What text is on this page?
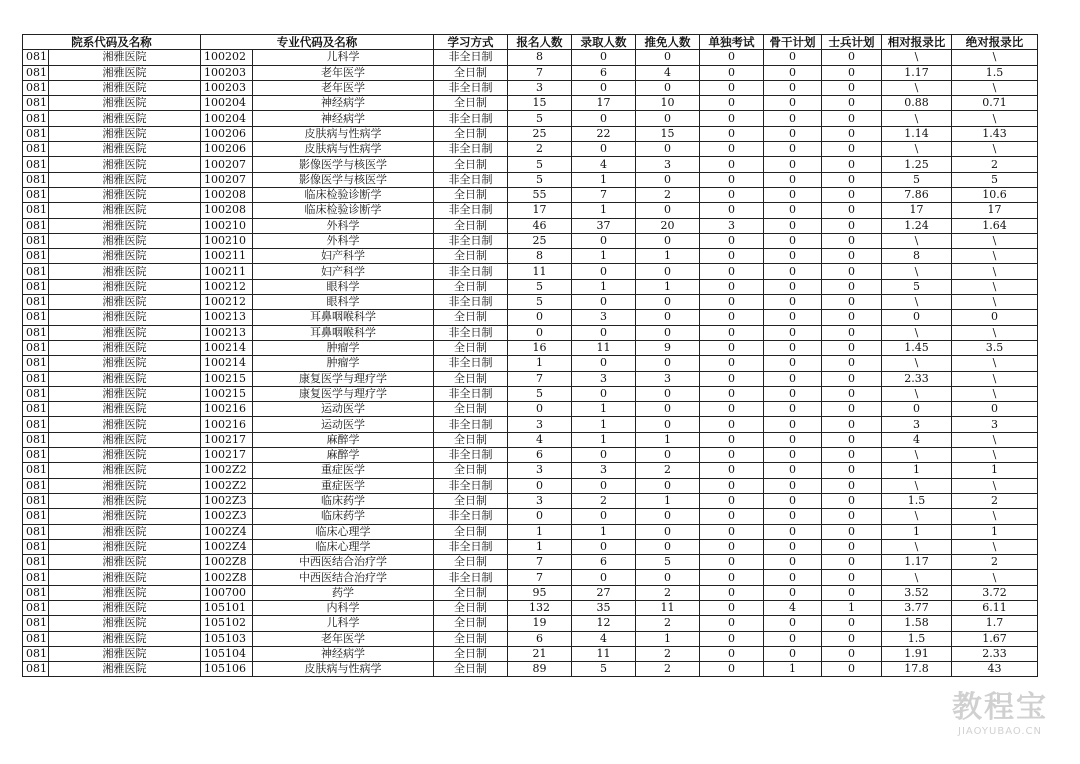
院系代码及名称		专业代码及名称		学习方式	报名人数	录取人数	推免人数	单独考试	骨干计划	士兵计划	相对报录比	绝对报录比
081	湘雅医院	100202	儿科学	非全日制	8	0	0	0	0	0	\	\
081	湘雅医院	100203	老年医学	全日制	7	6	4	0	0	0	1.17	1.5
081	湘雅医院	100203	老年医学	非全日制	3	0	0	0	0	0	\	\
081	湘雅医院	100204	神经病学	全日制	15	17	10	0	0	0	0.88	0.71
081	湘雅医院	100204	神经病学	非全日制	5	0	0	0	0	0	\	\
081	湘雅医院	100206	皮肤病与性病学	全日制	25	22	15	0	0	0	1.14	1.43
081	湘雅医院	100206	皮肤病与性病学	非全日制	2	0	0	0	0	0	\	\
081	湘雅医院	100207	影像医学与核医学	全日制	5	4	3	0	0	0	1.25	2
081	湘雅医院	100207	影像医学与核医学	非全日制	5	1	0	0	0	0	5	5
081	湘雅医院	100208	临床检验诊断学	全日制	55	7	2	0	0	0	7.86	10.6
081	湘雅医院	100208	临床检验诊断学	非全日制	17	1	0	0	0	0	17	17
081	湘雅医院	100210	外科学	全日制	46	37	20	3	0	0	1.24	1.64
081	湘雅医院	100210	外科学	非全日制	25	0	0	0	0	0	\	\
081	湘雅医院	100211	妇产科学	全日制	8	1	1	0	0	0	8	\
081	湘雅医院	100211	妇产科学	非全日制	11	0	0	0	0	0	\	\
081	湘雅医院	100212	眼科学	全日制	5	1	1	0	0	0	5	\
081	湘雅医院	100212	眼科学	非全日制	5	0	0	0	0	0	\	\
081	湘雅医院	100213	耳鼻咽喉科学	全日制	0	3	0	0	0	0	0	0
081	湘雅医院	100213	耳鼻咽喉科学	非全日制	0	0	0	0	0	0	\	\
081	湘雅医院	100214	肿瘤学	全日制	16	11	9	0	0	0	1.45	3.5
081	湘雅医院	100214	肿瘤学	非全日制	1	0	0	0	0	0	\	\
081	湘雅医院	100215	康复医学与理疗学	全日制	7	3	3	0	0	0	2.33	\
081	湘雅医院	100215	康复医学与理疗学	非全日制	5	0	0	0	0	0	\	\
081	湘雅医院	100216	运动医学	全日制	0	1	0	0	0	0	0	0
081	湘雅医院	100216	运动医学	非全日制	3	1	0	0	0	0	3	3
081	湘雅医院	100217	麻醉学	全日制	4	1	1	0	0	0	4	\
081	湘雅医院	100217	麻醉学	非全日制	6	0	0	0	0	0	\	\
081	湘雅医院	1002Z2	重症医学	全日制	3	3	2	0	0	0	1	1
081	湘雅医院	1002Z2	重症医学	非全日制	0	0	0	0	0	0	\	\
081	湘雅医院	1002Z3	临床药学	全日制	3	2	1	0	0	0	1.5	2
081	湘雅医院	1002Z3	临床药学	非全日制	0	0	0	0	0	0	\	\
081	湘雅医院	1002Z4	临床心理学	全日制	1	1	0	0	0	0	1	1
081	湘雅医院	1002Z4	临床心理学	非全日制	1	0	0	0	0	0	\	\
081	湘雅医院	1002Z8	中西医结合治疗学	全日制	7	6	5	0	0	0	1.17	2
081	湘雅医院	1002Z8	中西医结合治疗学	非全日制	7	0	0	0	0	0	\	\
081	湘雅医院	100700	药学	全日制	95	27	2	0	0	0	3.52	3.72
081	湘雅医院	105101	内科学	全日制	132	35	11	0	4	1	3.77	6.11
081	湘雅医院	105102	儿科学	全日制	19	12	2	0	0	0	1.58	1.7
081	湘雅医院	105103	老年医学	全日制	6	4	1	0	0	0	1.5	1.67
081	湘雅医院	105104	神经病学	全日制	21	11	2	0	0	0	1.91	2.33
081	湘雅医院	105106	皮肤病与性病学	全日制	89	5	2	0	1	0	17.8	43
教程宝
JIAOYUBAO.CN
